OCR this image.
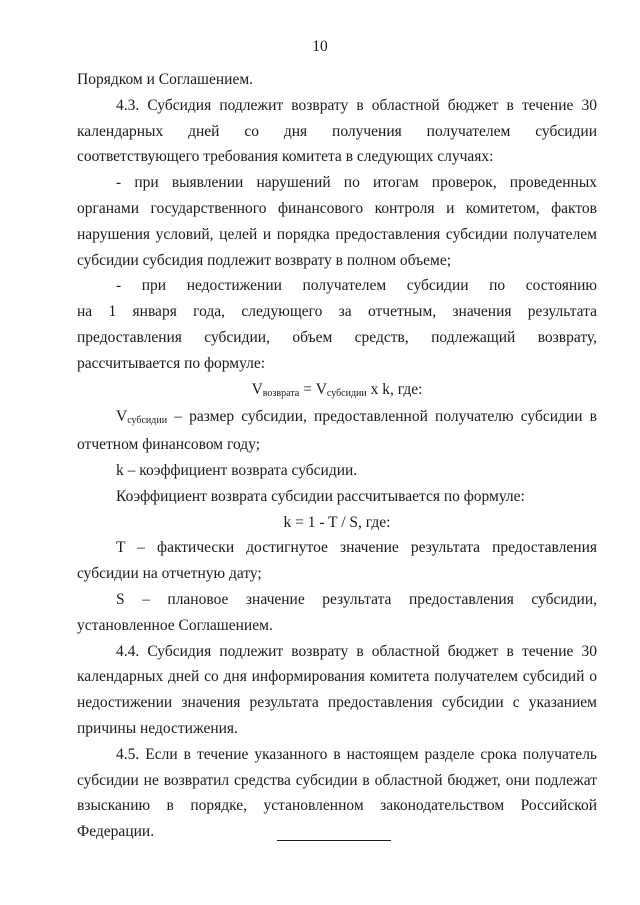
10

Порядком и Соглашением.

4.3. Субсидия подлежит возврату в областной бюджет в течение 30 календарных дней со дня получения получателем субсидии соответствующего требования комитета в следующих случаях:

- при выявлении нарушений по итогам проверок, проведенных органами государственного финансового контроля и комитетом, фактов нарушения условий, целей и порядка предоставления субсидии получателем субсидии субсидия подлежит возврату в полном объеме;

- при недостижении получателем субсидии по состоянию

на 1 января года, следующего за отчетным, значения результата предоставления субсидии, объем средств, подлежащий возврату, рассчитывается по формуле:

Vвозврата = Vсубсидии x k, где:

Vсубсидии – размер субсидии, предоставленной получателю субсидии в отчетном финансовом году;

k – коэффициент возврата субсидии.

Коэффициент возврата субсидии рассчитывается по формуле:

k = 1 - T / S, где:

T – фактически достигнутое значение результата предоставления субсидии на отчетную дату;

S – плановое значение результата предоставления субсидии, установленное Соглашением.

4.4. Субсидия подлежит возврату в областной бюджет в течение 30 календарных дней со дня информирования комитета получателем субсидий о недостижении значения результата предоставления субсидии с указанием причины недостижения.

4.5. Если в течение указанного в настоящем разделе срока получатель субсидии не возвратил средства субсидии в областной бюджет, они подлежат взысканию в порядке, установленном законодательством Российской Федерации.
